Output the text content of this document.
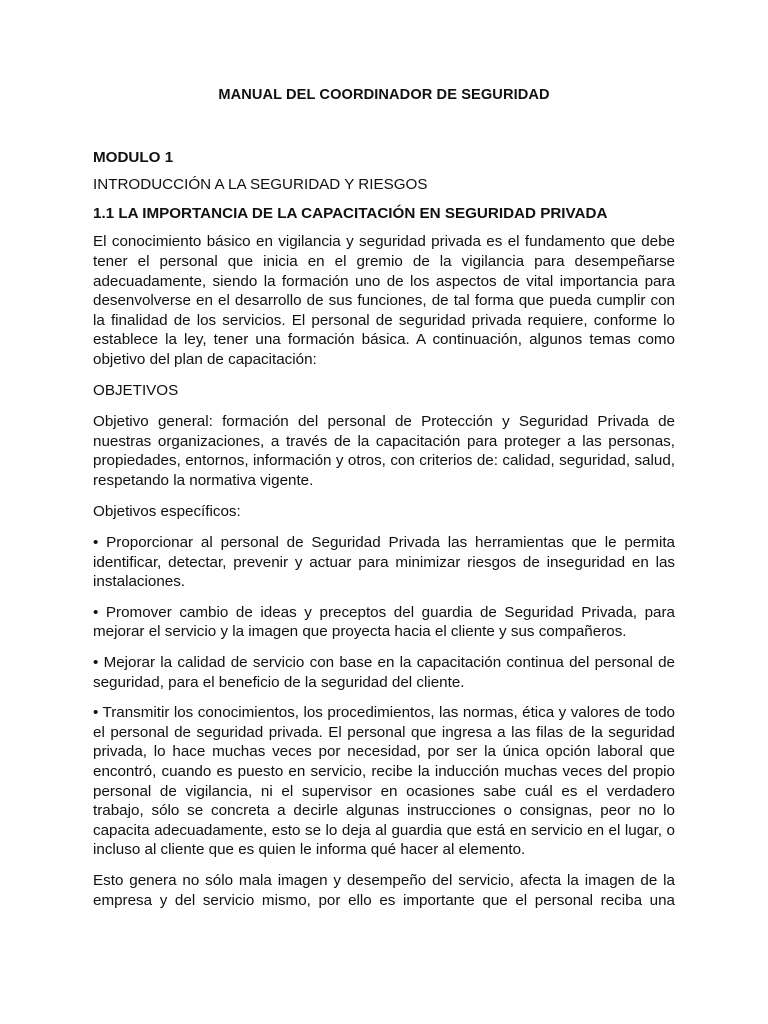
MANUAL DEL COORDINADOR DE SEGURIDAD
MODULO 1
INTRODUCCIÓN A LA SEGURIDAD Y RIESGOS
1.1 LA IMPORTANCIA DE LA CAPACITACIÓN EN SEGURIDAD PRIVADA

El conocimiento básico en vigilancia y seguridad privada es el fundamento que debe tener el personal que inicia en el gremio de la vigilancia para desempeñarse adecuadamente, siendo la formación uno de los aspectos de vital importancia para desenvolverse en el desarrollo de sus funciones, de tal forma que pueda cumplir con la finalidad de los servicios. El personal de seguridad privada requiere, conforme lo establece la ley, tener una formación básica. A continuación, algunos temas como objetivo del plan de capacitación:

OBJETIVOS

Objetivo general: formación del personal de Protección y Seguridad Privada de nuestras organizaciones, a través de la capacitación para proteger a las personas, propiedades, entornos, información y otros, con criterios de: calidad, seguridad, salud, respetando la normativa vigente.

Objetivos específicos:
• Proporcionar al personal de Seguridad Privada las herramientas que le permita identificar, detectar, prevenir y actuar para minimizar riesgos de inseguridad en las instalaciones.
• Promover cambio de ideas y preceptos del guardia de Seguridad Privada, para mejorar el servicio y la imagen que proyecta hacia el cliente y sus compañeros.
• Mejorar la calidad de servicio con base en la capacitación continua del personal de seguridad, para el beneficio de la seguridad del cliente.
• Transmitir los conocimientos, los procedimientos, las normas, ética y valores de todo el personal de seguridad privada. El personal que ingresa a las filas de la seguridad privada, lo hace muchas veces por necesidad, por ser la única opción laboral que encontró, cuando es puesto en servicio, recibe la inducción muchas veces del propio personal de vigilancia, ni el supervisor en ocasiones sabe cuál es el verdadero trabajo, sólo se concreta a decirle algunas instrucciones o consignas, peor no lo capacita adecuadamente, esto se lo deja al guardia que está en servicio en el lugar, o incluso al cliente que es quien le informa qué hacer al elemento.

Esto genera no sólo mala imagen y desempeño del servicio, afecta la imagen de la empresa y del servicio mismo, por ello es importante que el personal reciba una
